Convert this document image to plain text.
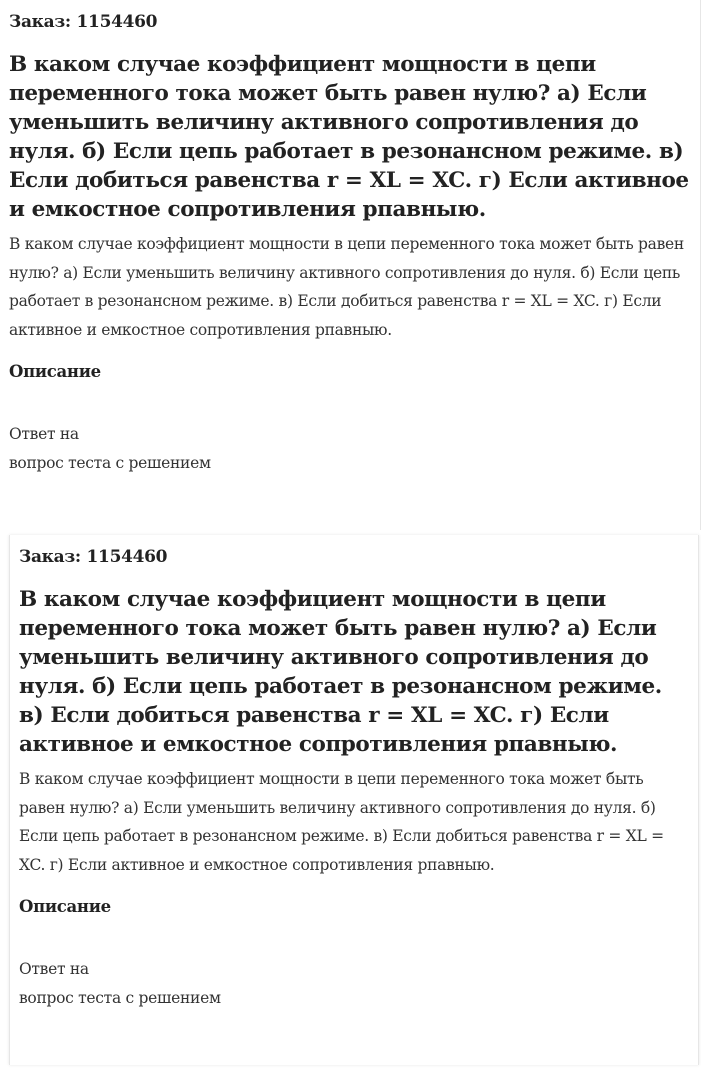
Заказ: 1154460
В каком случае коэффициент мощности в цепи переменного тока может быть равен нулю? а) Если уменьшить величину активного сопротивления до нуля. б) Если цепь работает в резонансном режиме. в) Если добиться равенства r = XL = XC. г) Если активное и емкостное сопротивления рпавныю.
В каком случае коэффициент мощности в цепи переменного тока может быть равен нулю? а) Если уменьшить величину активного сопротивления до нуля. б) Если цепь работает в резонансном режиме. в) Если добиться равенства r = XL = XC. г) Если активное и емкостное сопротивления рпавныю.
Описание
Ответ на
вопрос теста с решением
Заказ: 1154460
В каком случае коэффициент мощности в цепи переменного тока может быть равен нулю? а) Если уменьшить величину активного сопротивления до нуля. б) Если цепь работает в резонансном режиме. в) Если добиться равенства r = XL = XC. г) Если активное и емкостное сопротивления рпавныю.
В каком случае коэффициент мощности в цепи переменного тока может быть равен нулю? а) Если уменьшить величину активного сопротивления до нуля. б) Если цепь работает в резонансном режиме. в) Если добиться равенства r = XL = XC. г) Если активное и емкостное сопротивления рпавныю.
Описание
Ответ на
вопрос теста с решением
